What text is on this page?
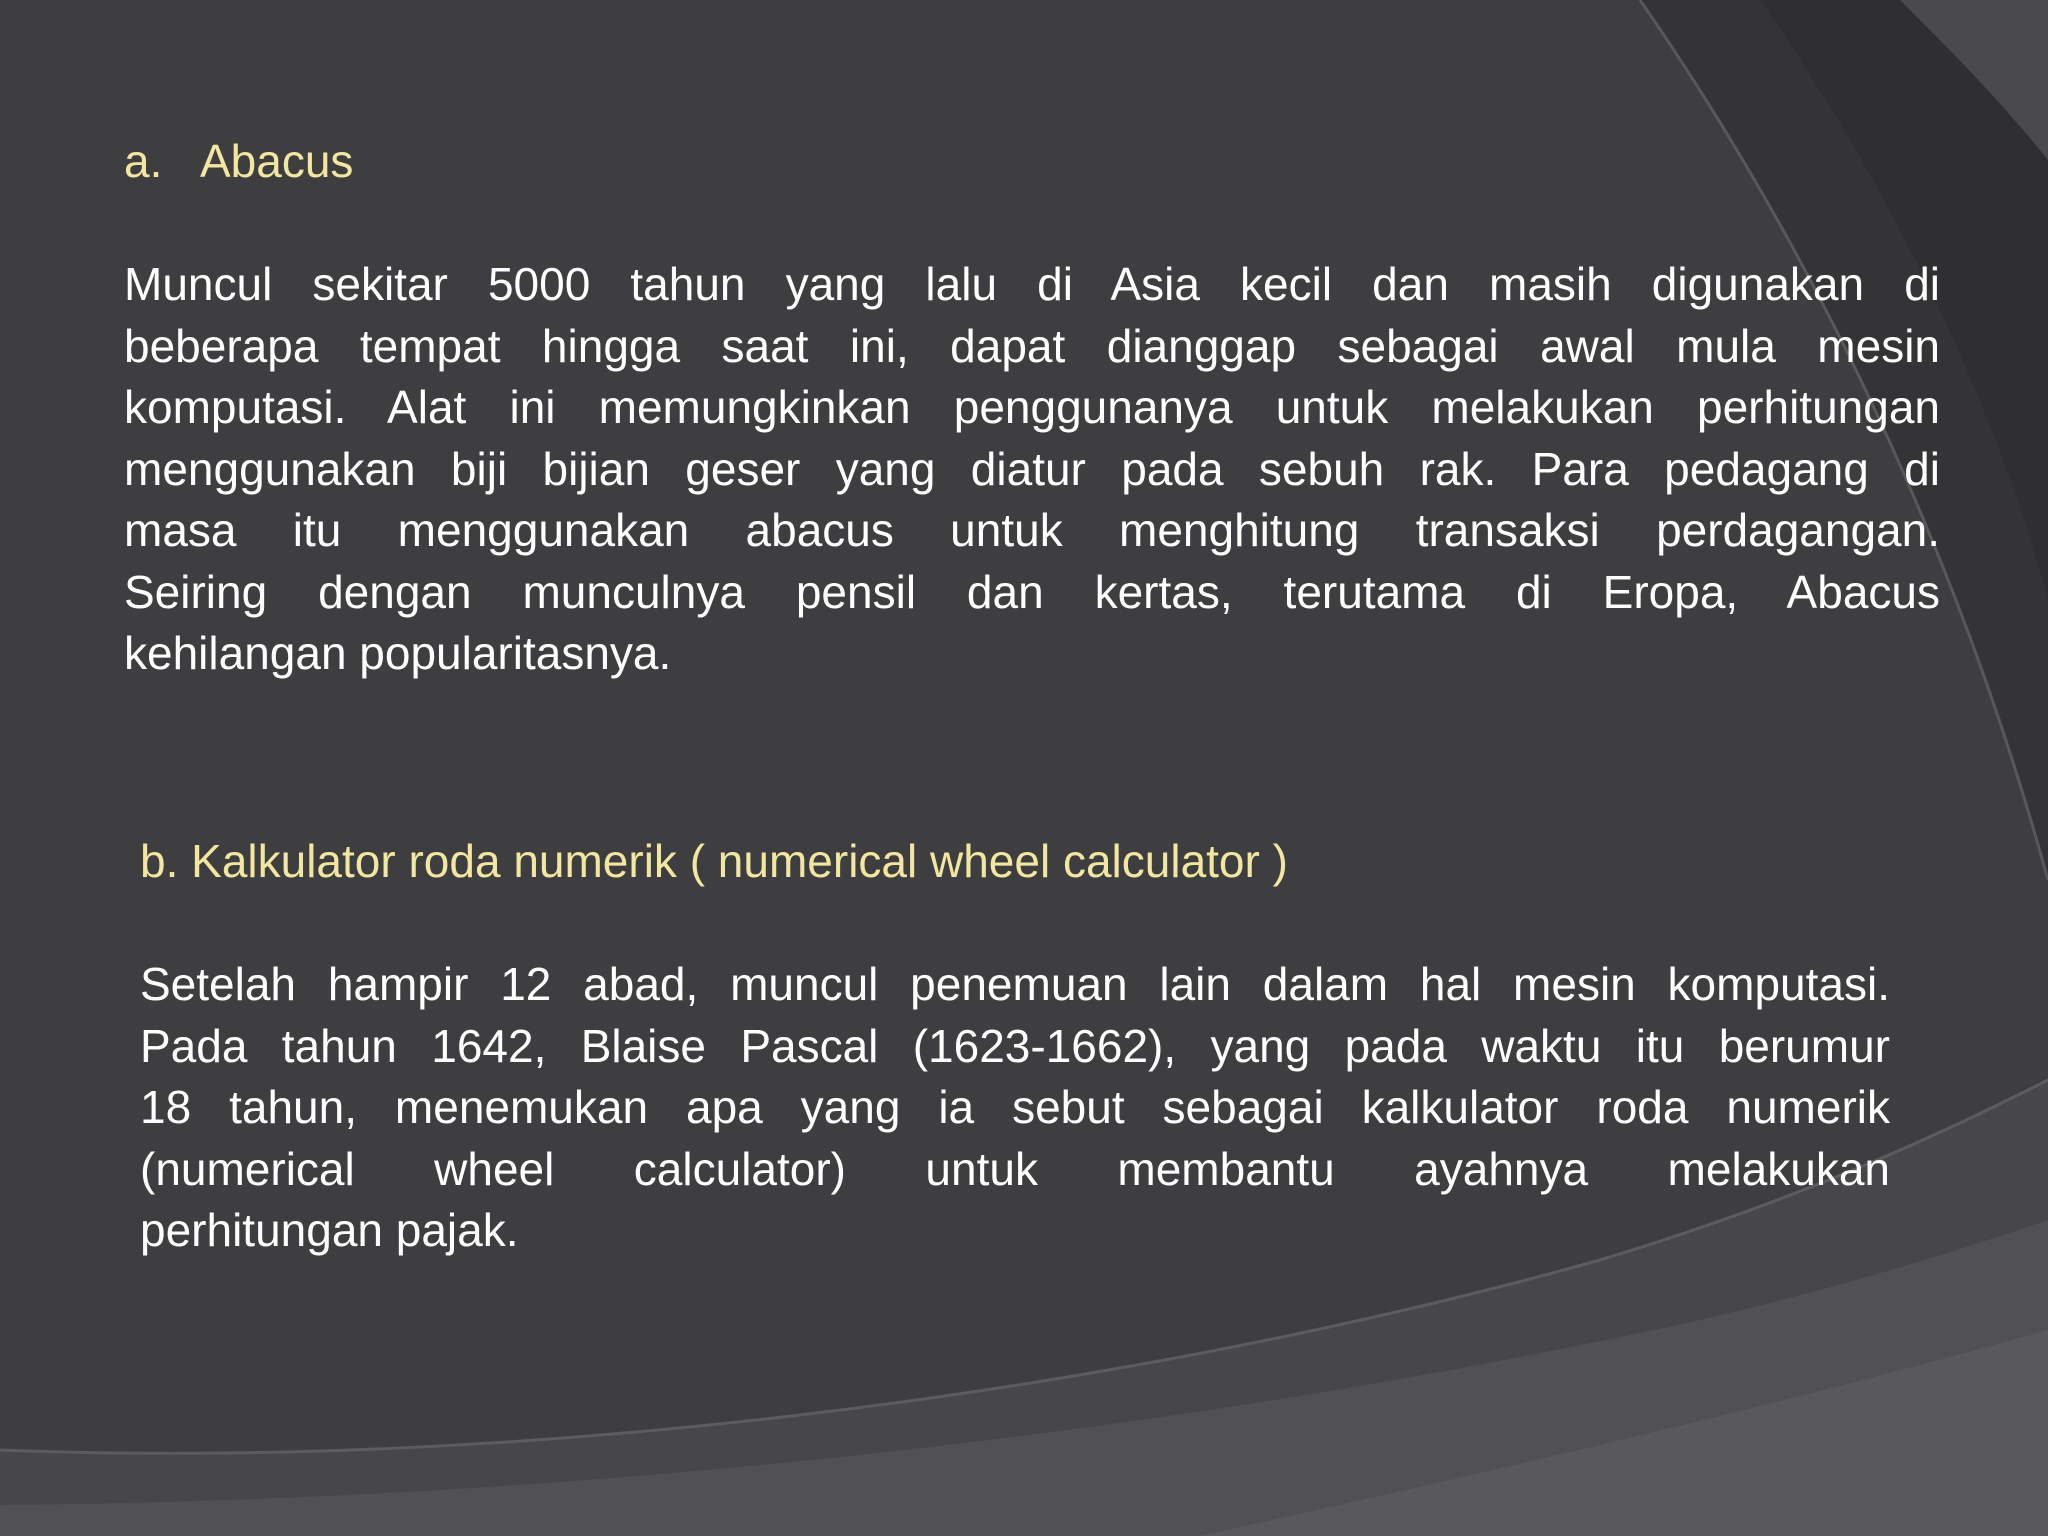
a. Abacus
Muncul sekitar 5000 tahun yang lalu di Asia kecil dan masih digunakan di
beberapa tempat hingga saat ini, dapat dianggap sebagai awal mula mesin
komputasi. Alat ini memungkinkan penggunanya untuk melakukan perhitungan
menggunakan biji bijian geser yang diatur pada sebuh rak. Para pedagang di
masa itu menggunakan abacus untuk menghitung transaksi perdagangan.
Seiring dengan munculnya pensil dan kertas, terutama di Eropa, Abacus
kehilangan popularitasnya.
b. Kalkulator roda numerik ( numerical wheel calculator )
Setelah hampir 12 abad, muncul penemuan lain dalam hal mesin komputasi.
Pada tahun 1642, Blaise Pascal (1623-1662), yang pada waktu itu berumur
18 tahun, menemukan apa yang ia sebut sebagai kalkulator roda numerik
(numerical wheel calculator) untuk membantu ayahnya melakukan
perhitungan pajak.
